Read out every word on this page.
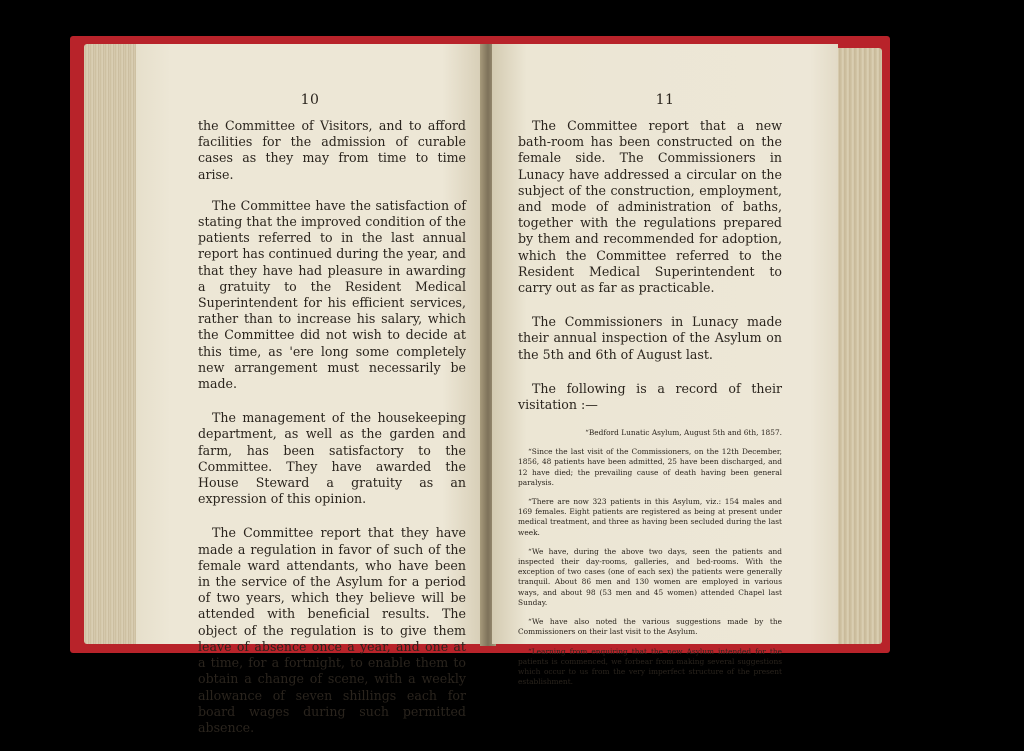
10

the Committee of Visitors, and to afford facilities for the admission of curable cases as they may from time to time arise.

The Committee have the satisfaction of stating that the improved condition of the patients referred to in the last annual report has continued during the year, and that they have had pleasure in awarding a gratuity to the Resident Medical Superintendent for his efficient services, rather than to increase his salary, which the Committee did not wish to decide at this time, as 'ere long some completely new arrangement must necessarily be made.

The management of the housekeeping department, as well as the garden and farm, has been satisfactory to the Committee. They have awarded the House Steward a gratuity as an expression of this opinion.

The Committee report that they have made a regulation in favor of such of the female ward attendants, who have been in the service of the Asylum for a period of two years, which they believe will be attended with beneficial results. The object of the regulation is to give them leave of absence once a year, and one at a time, for a fortnight, to enable them to obtain a change of scene, with a weekly allowance of seven shillings each for board wages during such permitted absence.

11

The Committee report that a new bath-room has been constructed on the female side. The Commissioners in Lunacy have addressed a circular on the subject of the construction, employment, and mode of administration of baths, together with the regulations prepared by them and recommended for adoption, which the Committee referred to the Resident Medical Superintendent to carry out as far as practicable.

The Commissioners in Lunacy made their annual inspection of the Asylum on the 5th and 6th of August last.

The following is a record of their visitation :—

“Bedford Lunatic Asylum, August 5th and 6th, 1857.

“Since the last visit of the Commissioners, on the 12th December, 1856, 48 patients have been admitted, 25 have been discharged, and 12 have died; the prevailing cause of death having been general paralysis.

“There are now 323 patients in this Asylum, viz.: 154 males and 169 females. Eight patients are registered as being at present under medical treatment, and three as having been secluded during the last week.

“We have, during the above two days, seen the patients and inspected their day-rooms, galleries, and bed-rooms. With the exception of two cases (one of each sex) the patients were generally tranquil. About 86 men and 130 women are employed in various ways, and about 98 (53 men and 45 women) attended Chapel last Sunday.

“We have also noted the various suggestions made by the Commissioners on their last visit to the Asylum.

“Learning from enquiring that the new Asylum intended for the patients is commenced, we forbear from making several suggestions which occur to us from the very imperfect structure of the present establishment.
